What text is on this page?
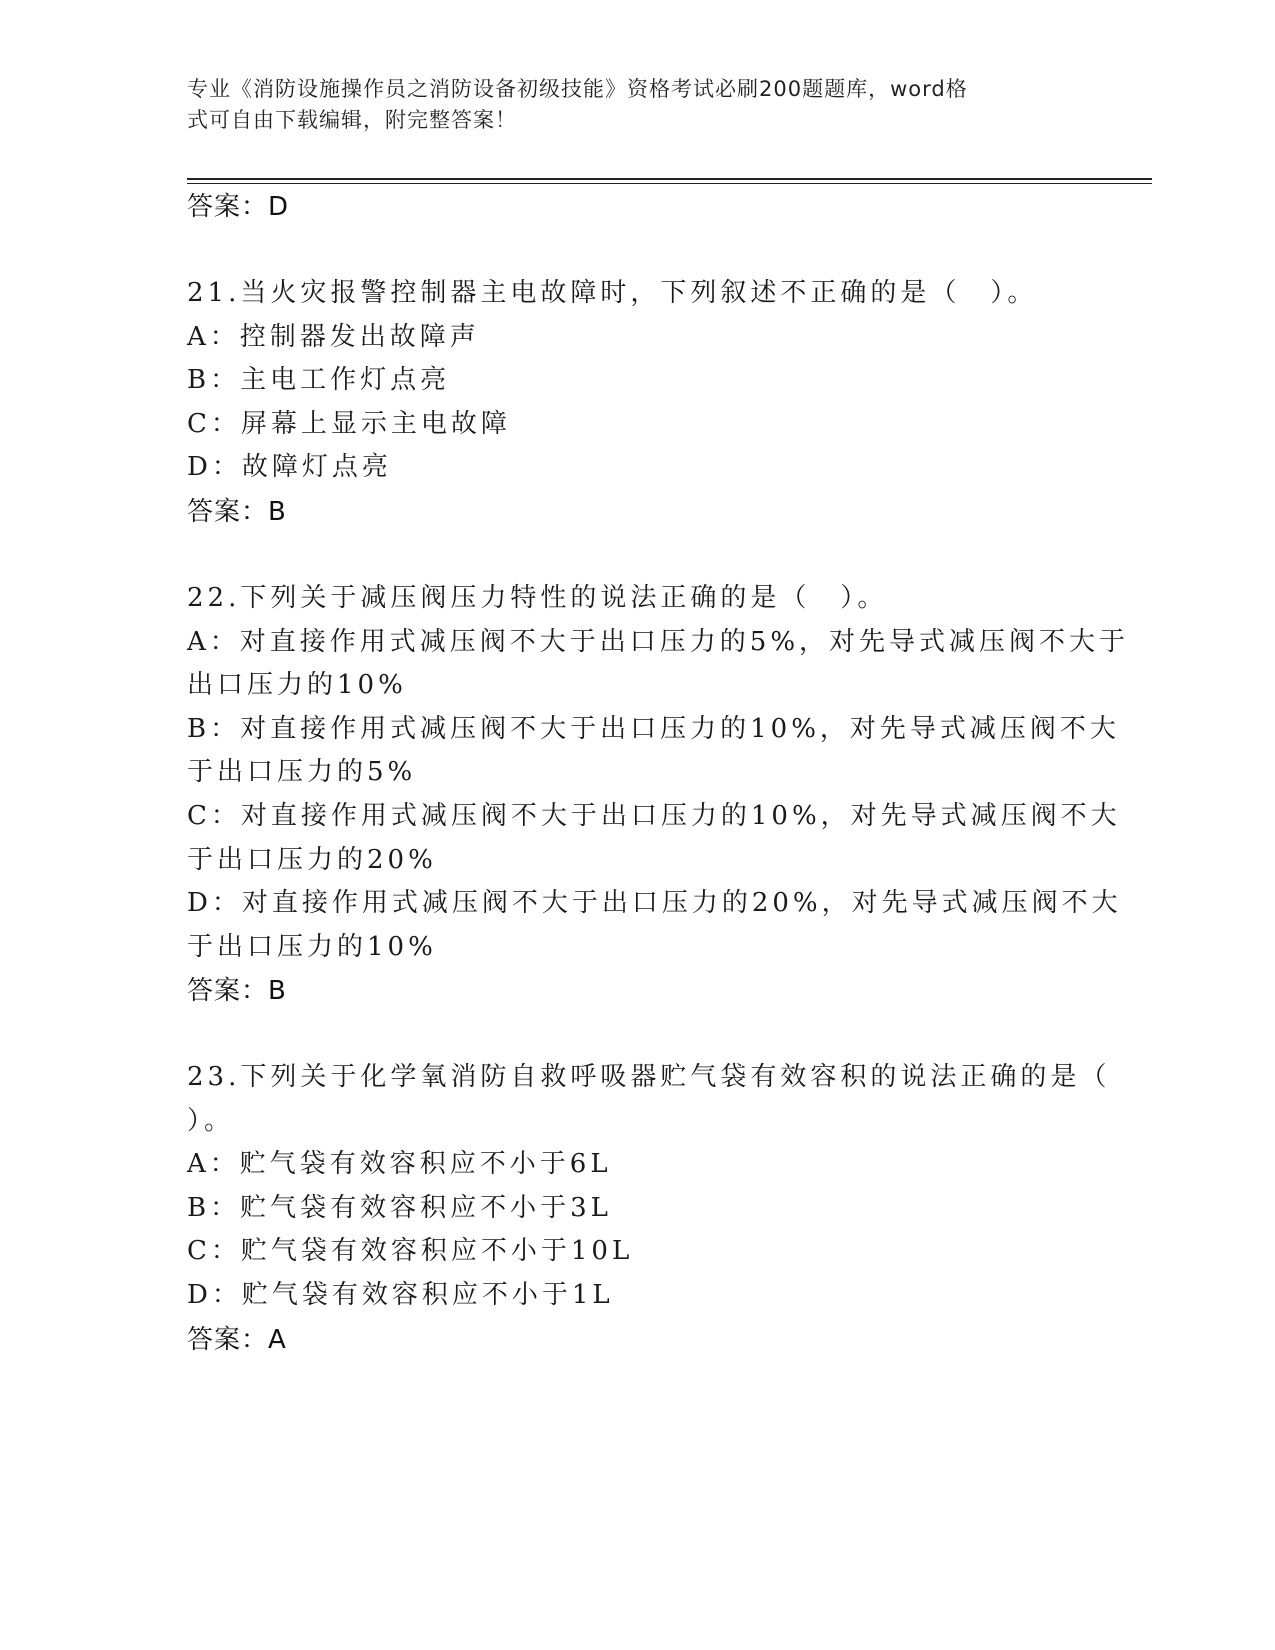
专业《消防设施操作员之消防设备初级技能》资格考试必刷200题题库，word格
式可自由下载编辑，附完整答案！
答案：D
21.当火灾报警控制器主电故障时，下列叙述不正确的是（　）。
A：控制器发出故障声
B：主电工作灯点亮
C：屏幕上显示主电故障
D：故障灯点亮
答案：B
22.下列关于减压阀压力特性的说法正确的是（　）。
A：对直接作用式减压阀不大于出口压力的5%，对先导式减压阀不大于
出口压力的10%
B：对直接作用式减压阀不大于出口压力的10%，对先导式减压阀不大
于出口压力的5%
C：对直接作用式减压阀不大于出口压力的10%，对先导式减压阀不大
于出口压力的20%
D：对直接作用式减压阀不大于出口压力的20%，对先导式减压阀不大
于出口压力的10%
答案：B
23.下列关于化学氧消防自救呼吸器贮气袋有效容积的说法正确的是（
）。
A：贮气袋有效容积应不小于6L
B：贮气袋有效容积应不小于3L
C：贮气袋有效容积应不小于10L
D：贮气袋有效容积应不小于1L
答案：A
